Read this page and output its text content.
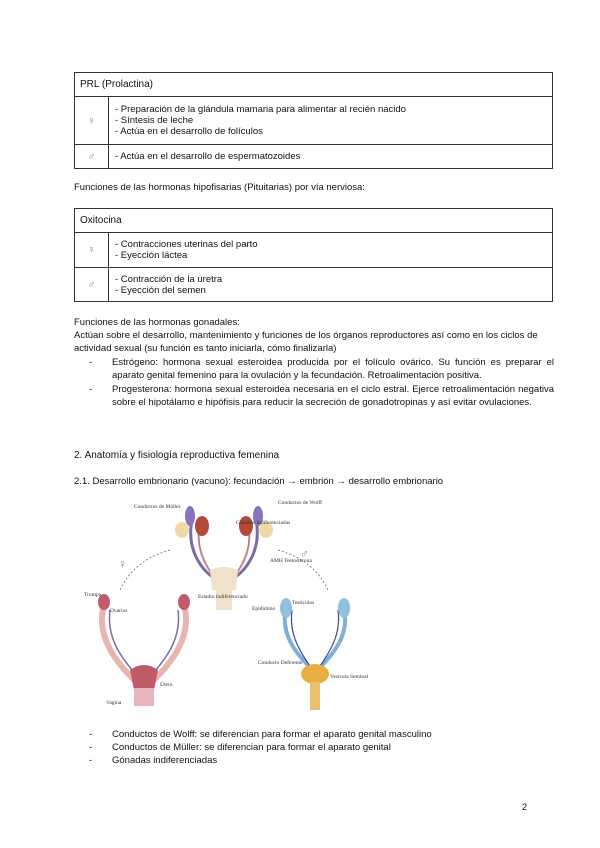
PRL (Prolactina)	
♀	- Preparación de la glándula mamaria para alimentar al recién nacido
- Síntesis de leche
- Actúa en el desarrollo de folículos

♂	- Actúa en el desarrollo de espermatozoides
Funciones de las hormonas hipofisarias (Pituitarias) por vía nerviosa:
Oxitocina	
♀	- Contracciones uterinas del parto
- Eyección láctea

♂	- Contracción de la uretra
- Eyección del semen
Funciones de las hormonas gonadales:
Actúan sobre el desarrollo, mantenimiento y funciones de los órganos reproductores así como en los ciclos de actividad sexual (su función es tanto iniciarla, cómo finalizarla)
- Estrógeno: hormona sexual esteroidea producida por el folículo ovárico. Su función es preparar el aparato genital femenino para la ovulación y la fecundación. Retroalimentación positiva.
- Progesterona: hormona sexual esteroidea necesaria en el ciclo estral. Ejerce retroalimentación negativa sobre el hipotálamo e hipófisis para reducir la secreción de gonadotropinas y así evitar ovulaciones.
2. Anatomía y fisiología reproductiva femenina
2.1. Desarrollo embrionario (vacuno): fecundación → embrión → desarrollo embrionario
Conductos de Müller
Conductos de Wolff
Gónadas indiferenciadas
AMH Testosterona
Estadio indiferenciado
♀
♂
Trompa
Ovarios
Útero
Vagina
Epidídimo
Testículos
Conducto Deferente
Vesícula Seminal
- Conductos de Wolff: se diferencian para formar el aparato genital masculino
- Conductos de Müller: se diferencian para formar el aparato genital
- Gónadas indiferenciadas
2
